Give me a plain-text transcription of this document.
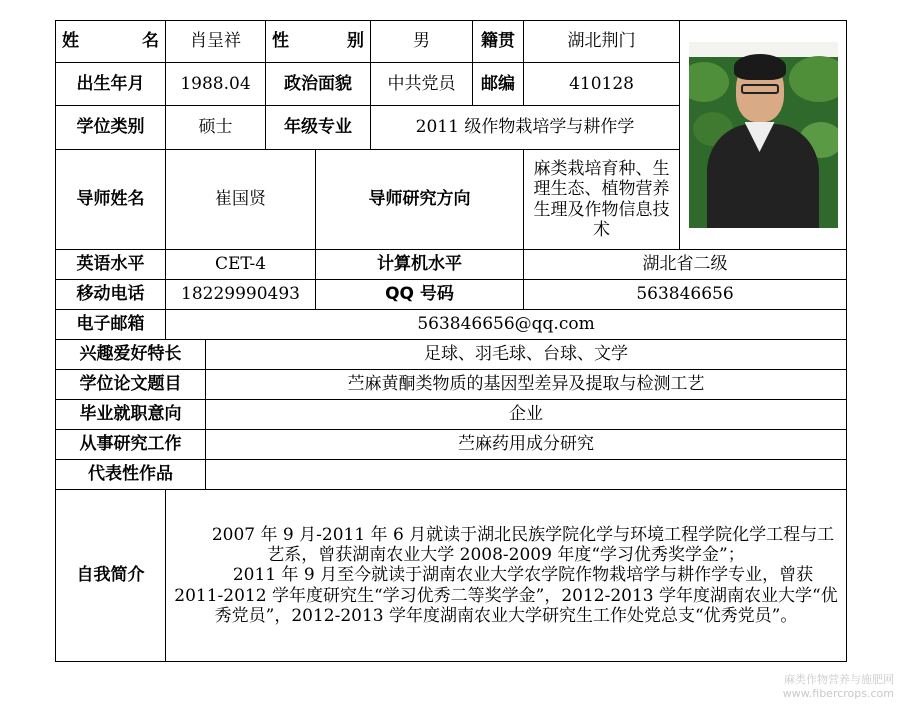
姓 名	肖呈祥		性 别		男	籍贯	湖北荆门	

出生年月	1988.04		政治面貌		中共党员	邮编	410128	
学位类别	硕士		年级专业		2011 级作物栽培学与耕作学			
导师姓名	崔国贤			导师研究方向			麻类栽培育种、生理生态、植物营养生理及作物信息技术	
英语水平	CET-4			计算机水平			湖北省二级	
移动电话	18229990493			QQ 号码			563846656	
电子邮箱	563846656@qq.com							
兴趣爱好特长		足球、羽毛球、台球、文学						
学位论文题目		苎麻黄酮类物质的基因型差异及提取与检测工艺						
毕业就职意向		企业						
从事研究工作		苎麻药用成分研究						
代表性作品								
自我简介	2007 年 9 月-2011 年 6 月就读于湖北民族学院化学与环境工程学院化学工程与工艺系，曾获湖南农业大学 2008-2009 年度“学习优秀奖学金”；

2011 年 9 月至今就读于湖南农业大学农学院作物栽培学与耕作学专业，曾获 2011-2012 学年度研究生“学习优秀二等奖学金”，2012-2013 学年度湖南农业大学“优秀党员”，2012-2013 学年度湖南农业大学研究生工作处党总支“优秀党员”。							

麻类作物营养与施肥网
www.fibercrops.com
